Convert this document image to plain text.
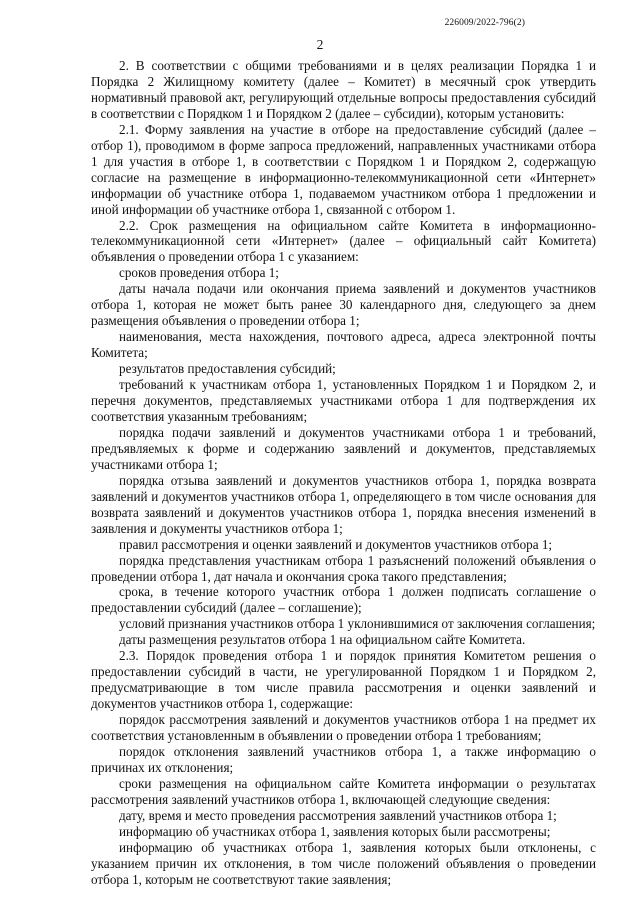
226009/2022-796(2)
2

2. В соответствии с общими требованиями и в целях реализации Порядка 1 и Порядка 2 Жилищному комитету (далее – Комитет) в месячный срок утвердить нормативный правовой акт, регулирующий отдельные вопросы предоставления субсидий в соответствии с Порядком 1 и Порядком 2 (далее – субсидии), которым установить:

2.1. Форму заявления на участие в отборе на предоставление субсидий (далее – отбор 1), проводимом в форме запроса предложений, направленных участниками отбора 1 для участия в отборе 1, в соответствии с Порядком 1 и Порядком 2, содержащую согласие на размещение в информационно-телекоммуникационной сети «Интернет» информации об участнике отбора 1, подаваемом участником отбора 1 предложении и иной информации об участнике отбора 1, связанной с отбором 1.

2.2. Срок размещения на официальном сайте Комитета в информационно-телекоммуникационной сети «Интернет» (далее – официальный сайт Комитета) объявления о проведении отбора 1 с указанием:

сроков проведения отбора 1;

даты начала подачи или окончания приема заявлений и документов участников отбора 1, которая не может быть ранее 30 календарного дня, следующего за днем размещения объявления о проведении отбора 1;

наименования, места нахождения, почтового адреса, адреса электронной почты Комитета;

результатов предоставления субсидий;

требований к участникам отбора 1, установленных Порядком 1 и Порядком 2, и перечня документов, представляемых участниками отбора 1 для подтверждения их соответствия указанным требованиям;

порядка подачи заявлений и документов участниками отбора 1 и требований, предъявляемых к форме и содержанию заявлений и документов, представляемых участниками отбора 1;

порядка отзыва заявлений и документов участников отбора 1, порядка возврата заявлений и документов участников отбора 1, определяющего в том числе основания для возврата заявлений и документов участников отбора 1, порядка внесения изменений в заявления и документы участников отбора 1;

правил рассмотрения и оценки заявлений и документов участников отбора 1;

порядка представления участникам отбора 1 разъяснений положений объявления о проведении отбора 1, дат начала и окончания срока такого представления;

срока, в течение которого участник отбора 1 должен подписать соглашение о предоставлении субсидий (далее – соглашение);

условий признания участников отбора 1 уклонившимися от заключения соглашения;

даты размещения результатов отбора 1 на официальном сайте Комитета.

2.3. Порядок проведения отбора 1 и порядок принятия Комитетом решения о предоставлении субсидий в части, не урегулированной Порядком 1 и Порядком 2, предусматривающие в том числе правила рассмотрения и оценки заявлений и документов участников отбора 1, содержащие:

порядок рассмотрения заявлений и документов участников отбора 1 на предмет их соответствия установленным в объявлении о проведении отбора 1 требованиям;

порядок отклонения заявлений участников отбора 1, а также информацию о причинах их отклонения;

сроки размещения на официальном сайте Комитета информации о результатах рассмотрения заявлений участников отбора 1, включающей следующие сведения:

дату, время и место проведения рассмотрения заявлений участников отбора 1;

информацию об участниках отбора 1, заявления которых были рассмотрены;

информацию об участниках отбора 1, заявления которых были отклонены, с указанием причин их отклонения, в том числе положений объявления о проведении отбора 1, которым не соответствуют такие заявления;
